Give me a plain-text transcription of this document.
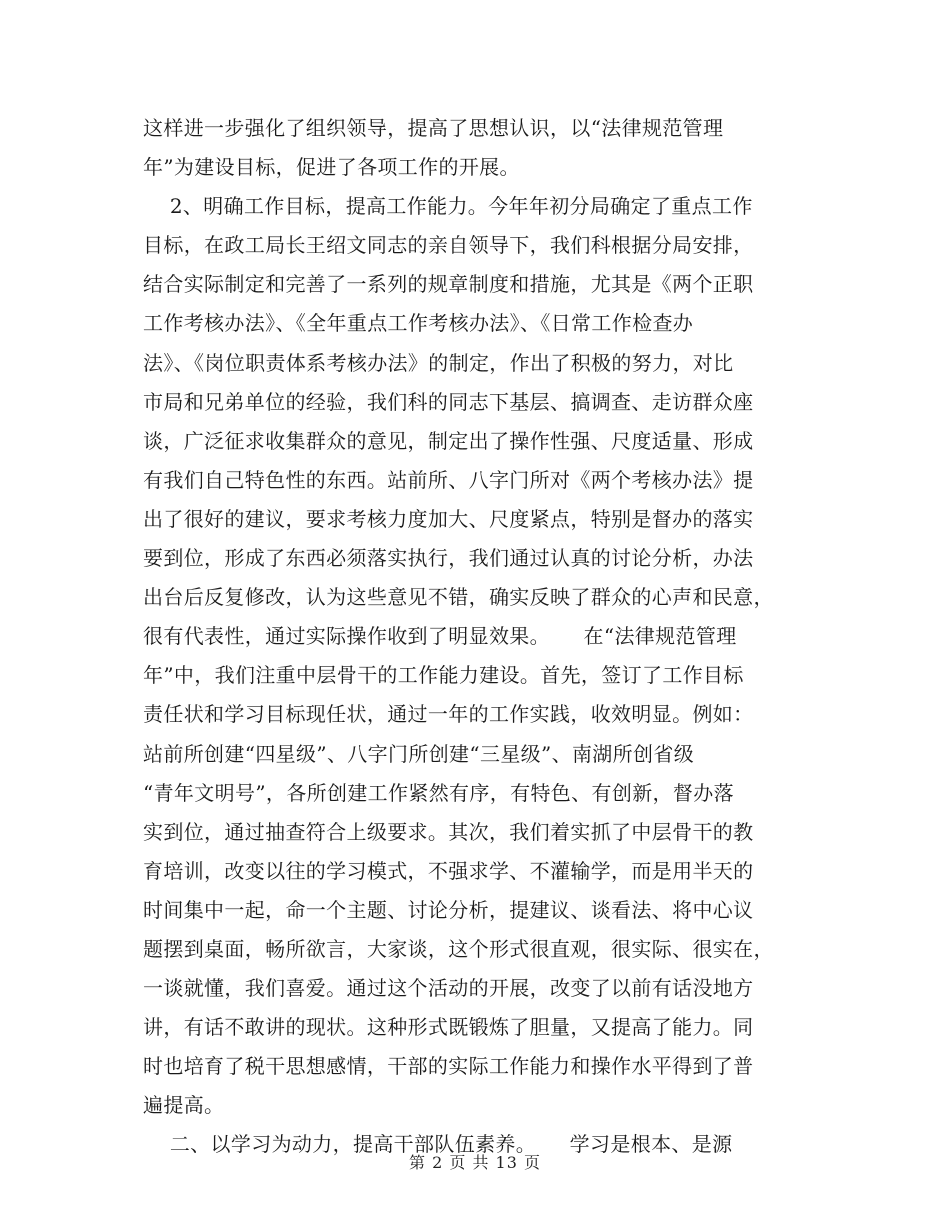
这样进一步强化了组织领导，提高了思想认识，以“法律规范管理
年”为建设目标，促进了各项工作的开展。
2、明确工作目标，提高工作能力。今年年初分局确定了重点工作
目标，在政工局长王绍文同志的亲自领导下，我们科根据分局安排，
结合实际制定和完善了一系列的规章制度和措施，尤其是《两个正职
工作考核办法》、《全年重点工作考核办法》、《日常工作检查办
法》、《岗位职责体系考核办法》的制定，作出了积极的努力，对比
市局和兄弟单位的经验，我们科的同志下基层、搞调查、走访群众座
谈，广泛征求收集群众的意见，制定出了操作性强、尺度适量、形成
有我们自己特色性的东西。站前所、八字门所对《两个考核办法》提
出了很好的建议，要求考核力度加大、尺度紧点，特别是督办的落实
要到位，形成了东西必须落实执行，我们通过认真的讨论分析，办法
出台后反复修改，认为这些意见不错，确实反映了群众的心声和民意，
很有代表性，通过实际操作收到了明显效果。     在“法律规范管理
年”中，我们注重中层骨干的工作能力建设。首先，签订了工作目标
责任状和学习目标现任状，通过一年的工作实践，收效明显。例如：
站前所创建“四星级”、八字门所创建“三星级”、南湖所创省级
“青年文明号”，各所创建工作紧然有序，有特色、有创新，督办落
实到位，通过抽查符合上级要求。其次，我们着实抓了中层骨干的教
育培训，改变以往的学习模式，不强求学、不灌输学，而是用半天的
时间集中一起，命一个主题、讨论分析，提建议、谈看法、将中心议
题摆到桌面，畅所欲言，大家谈，这个形式很直观，很实际、很实在，
一谈就懂，我们喜爱。通过这个活动的开展，改变了以前有话没地方
讲，有话不敢讲的现状。这种形式既锻炼了胆量，又提高了能力。同
时也培育了税干思想感情，干部的实际工作能力和操作水平得到了普
遍提高。
二、以学习为动力，提高干部队伍素养。     学习是根本、是源
第 2 页 共 13 页
